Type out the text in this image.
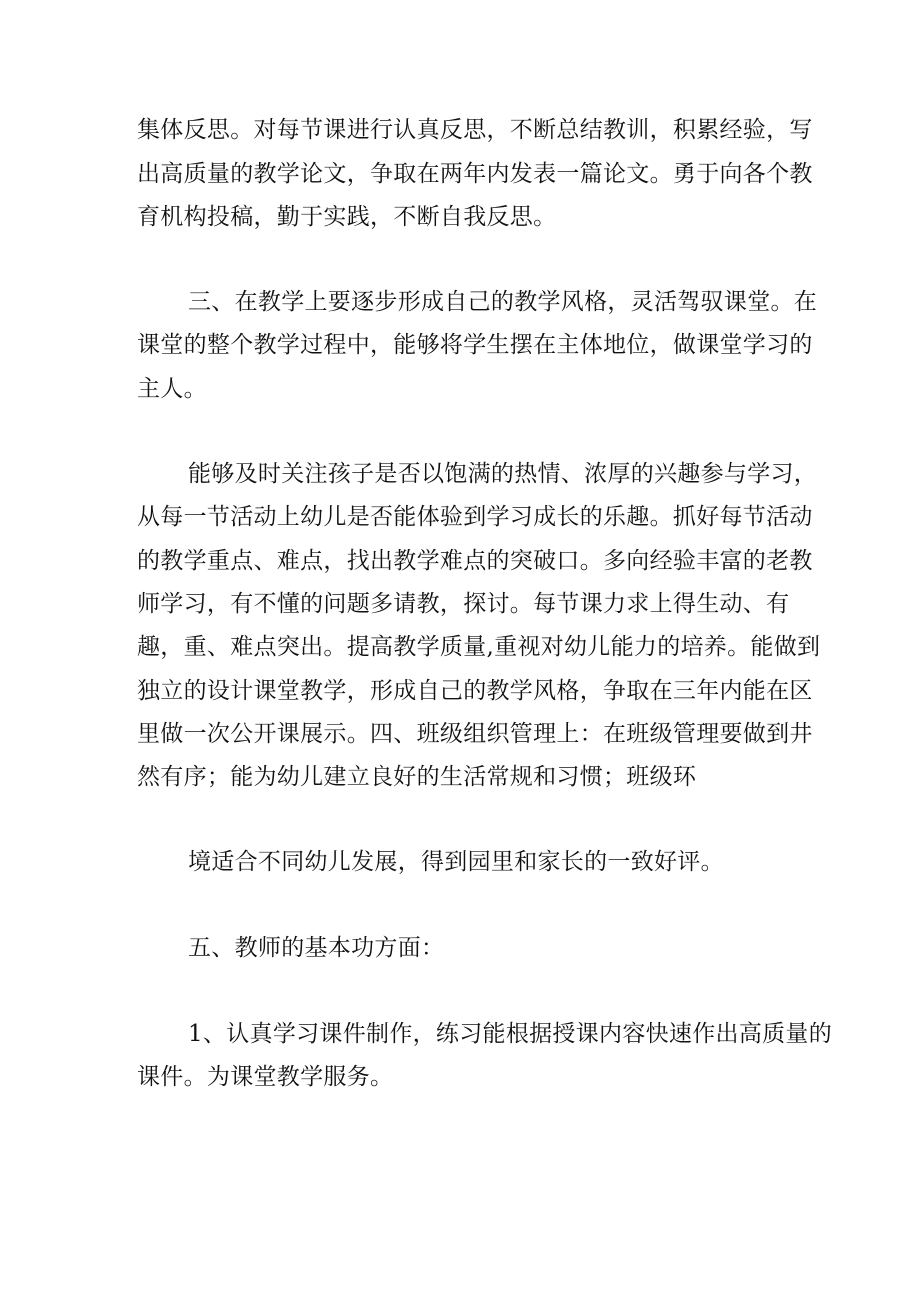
集体反思。对每节课进行认真反思，不断总结教训，积累经验，写

出高质量的教学论文，争取在两年内发表一篇论文。勇于向各个教

育机构投稿，勤于实践，不断自我反思。

三、在教学上要逐步形成自己的教学风格，灵活驾驭课堂。在

课堂的整个教学过程中，能够将学生摆在主体地位，做课堂学习的

主人。

能够及时关注孩子是否以饱满的热情、浓厚的兴趣参与学习，

从每一节活动上幼儿是否能体验到学习成长的乐趣。抓好每节活动

的教学重点、难点，找出教学难点的突破口。多向经验丰富的老教

师学习，有不懂的问题多请教，探讨。每节课力求上得生动、有

趣，重、难点突出。提高教学质量,重视对幼儿能力的培养。能做到

独立的设计课堂教学，形成自己的教学风格，争取在三年内能在区

里做一次公开课展示。四、班级组织管理上：在班级管理要做到井

然有序；能为幼儿建立良好的生活常规和习惯；班级环

境适合不同幼儿发展，得到园里和家长的一致好评。

五、教师的基本功方面：

1、认真学习课件制作，练习能根据授课内容快速作出高质量的

课件。为课堂教学服务。
